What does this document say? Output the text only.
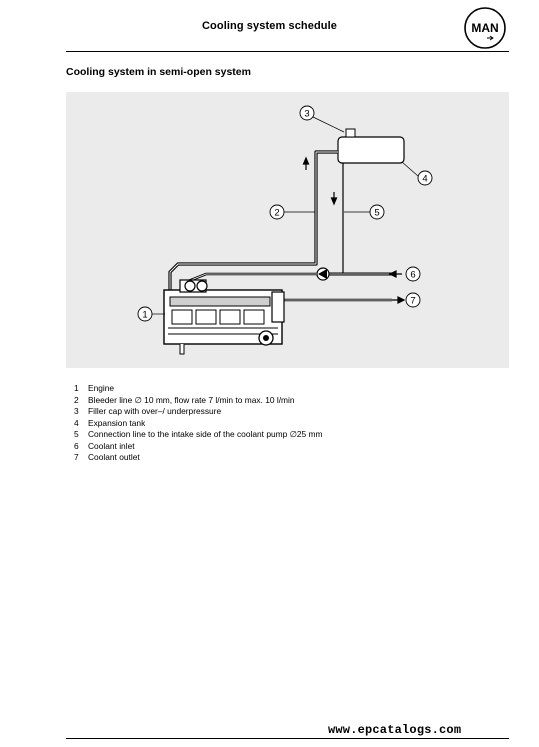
Cooling system schedule	MAN
Cooling system in semi-open system
3
4
2	5
6
7
1
1	Engine
2	Bleeder line ∅ 10 mm, flow rate 7 l/min to max. 10 l/min
3	Filler cap with over–/ underpressure
4	Expansion tank
5	Connection line to the intake side of the coolant pump ∅25 mm
6	Coolant inlet
7	Coolant outlet
www.epcatalogs.com
